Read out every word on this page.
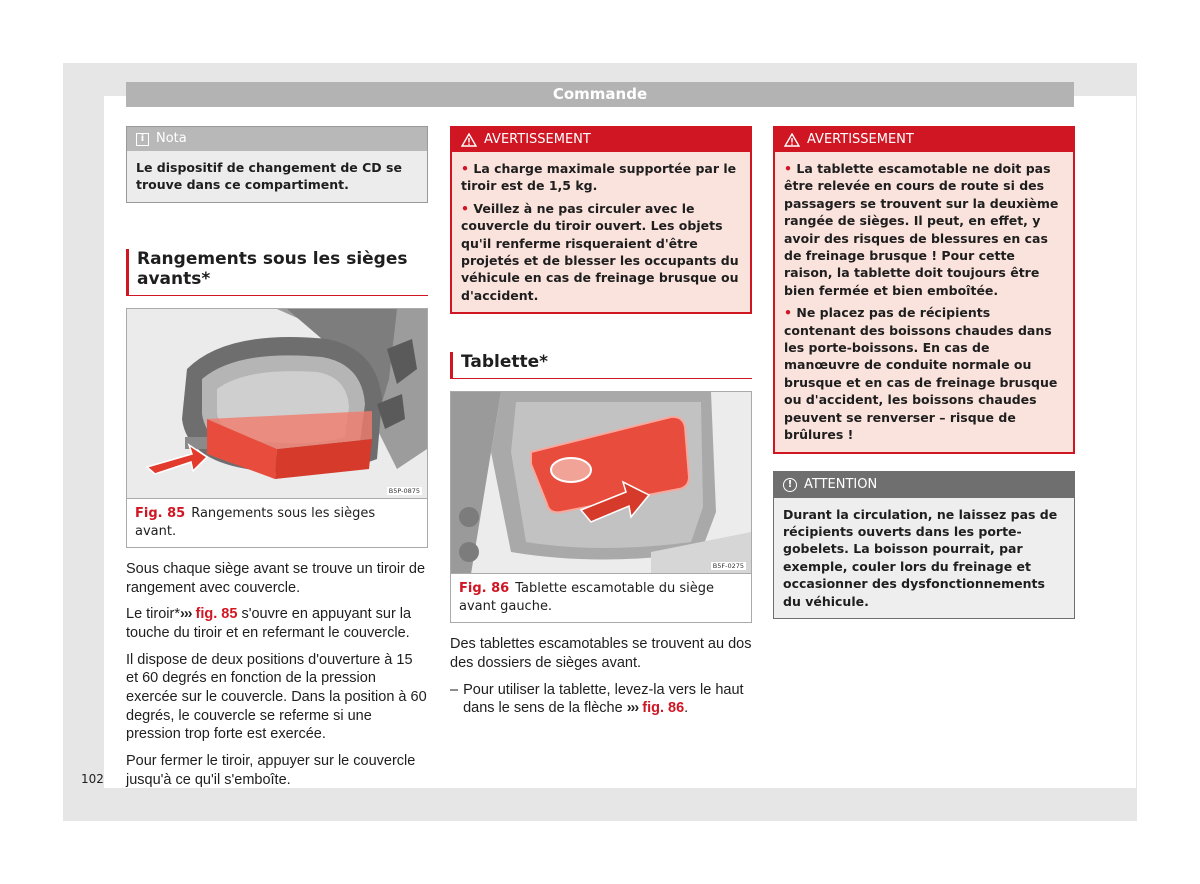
Commande
i Nota
Le dispositif de changement de CD se trouve dans ce compartiment.
Rangements sous les sièges avants*
B5P-0875
Fig. 85 Rangements sous les sièges avant.

Sous chaque siège avant se trouve un tiroir de rangement avec couvercle.

Le tiroir*››› fig. 85 s'ouvre en appuyant sur la touche du tiroir et en refermant le couvercle.

Il dispose de deux positions d'ouverture à 15 et 60 degrés en fonction de la pression exercée sur le couvercle. Dans la position à 60 degrés, le couvercle se referme si une pression trop forte est exercée.

Pour fermer le tiroir, appuyer sur le couvercle jusqu'à ce qu'il s'emboîte.

AVERTISSEMENT

• La charge maximale supportée par le tiroir est de 1,5 kg.

• Veillez à ne pas circuler avec le couvercle du tiroir ouvert. Les objets qu'il renferme risqueraient d'être projetés et de blesser les occupants du véhicule en cas de freinage brusque ou d'accident.

Tablette*
B5F-0275
Fig. 86 Tablette escamotable du siège avant gauche.

Des tablettes escamotables se trouvent au dos des dossiers de sièges avant.

– Pour utiliser la tablette, levez-la vers le haut dans le sens de la flèche ››› fig. 86.
AVERTISSEMENT

• La tablette escamotable ne doit pas être relevée en cours de route si des passagers se trouvent sur la deuxième rangée de sièges. Il peut, en effet, y avoir des risques de blessures en cas de freinage brusque ! Pour cette raison, la tablette doit toujours être bien fermée et bien emboîtée.

• Ne placez pas de récipients contenant des boissons chaudes dans les porte-boissons. En cas de manœuvre de conduite normale ou brusque et en cas de freinage brusque ou d'accident, les boissons chaudes peuvent se renverser – risque de brûlures !

! ATTENTION
Durant la circulation, ne laissez pas de récipients ouverts dans les porte-gobelets. La boisson pourrait, par exemple, couler lors du freinage et occasionner des dysfonctionnements du véhicule.
102
